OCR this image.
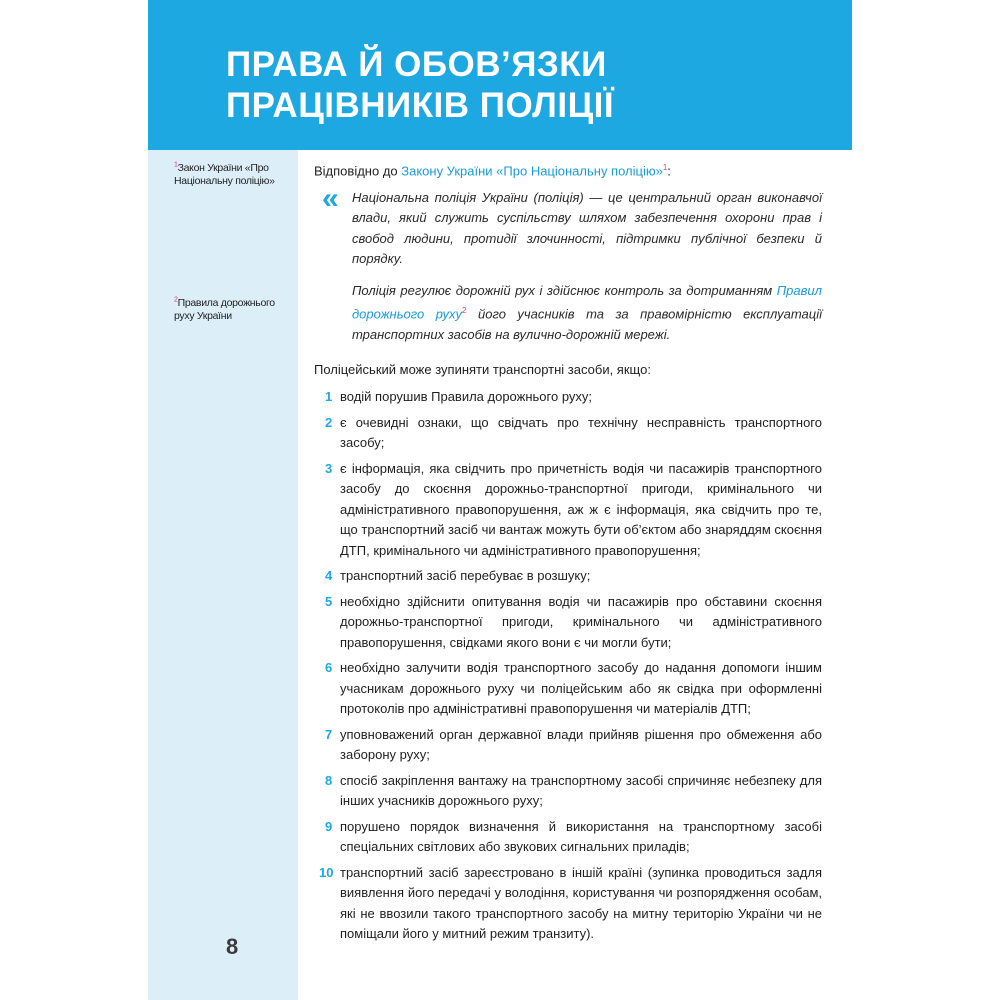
ПРАВА Й ОБОВ’ЯЗКИ
ПРАЦІВНИКІВ ПОЛІЦІЇ
$^1$Закон України «Про Національну поліцію»
$^2$Правила дорожнього руху України
8

Відповідно до Закону України «Про Національну поліцію»$^1$:

« Національна поліція України (поліція) — це центральний орган виконавчої влади, який служить суспільству шляхом забезпечення охорони прав і свобод людини, протидії злочинності, підтримки публічної безпеки й порядку.

Поліція регулює дорожній рух і здійснює контроль за дотриманням Правил дорожнього руху$^2$ його учасників та за правомірністю експлуатації транспортних засобів на вулично-дорожній мережі.

Поліцейський може зупиняти транспортні засоби, якщо:

1 водій порушив Правила дорожнього руху;
2 є очевидні ознаки, що свідчать про технічну несправність транспортного засобу;
3 є інформація, яка свідчить про причетність водія чи пасажирів транспортного засобу до скоєння дорожньо-транспортної пригоди, кримінального чи адміністративного правопорушення, аж ж є інформація, яка свідчить про те, що транспортний засіб чи вантаж можуть бути об’єктом або знаряддям скоєння ДТП, кримінального чи адміністративного правопорушення;
4 транспортний засіб перебуває в розшуку;
5 необхідно здійснити опитування водія чи пасажирів про обставини скоєння дорожньо-транспортної пригоди, кримінального чи адміністративного правопорушення, свідками якого вони є чи могли бути;
6 необхідно залучити водія транспортного засобу до надання допомоги іншим учасникам дорожнього руху чи поліцейським або як свідка при оформленні протоколів про адміністративні правопорушення чи матеріалів ДТП;
7 уповноважений орган державної влади прийняв рішення про обмеження або заборону руху;
8 спосіб закріплення вантажу на транспортному засобі спричиняє небезпеку для інших учасників дорожнього руху;
9 порушено порядок визначення й використання на транспортному засобі спеціальних світлових або звукових сигнальних приладів;
10 транспортний засіб зареєстровано в іншій країні (зупинка проводиться задля виявлення його передачі у володіння, користування чи розпорядження особам, які не ввозили такого транспортного засобу на митну територію України чи не поміщали його у митний режим транзиту).
